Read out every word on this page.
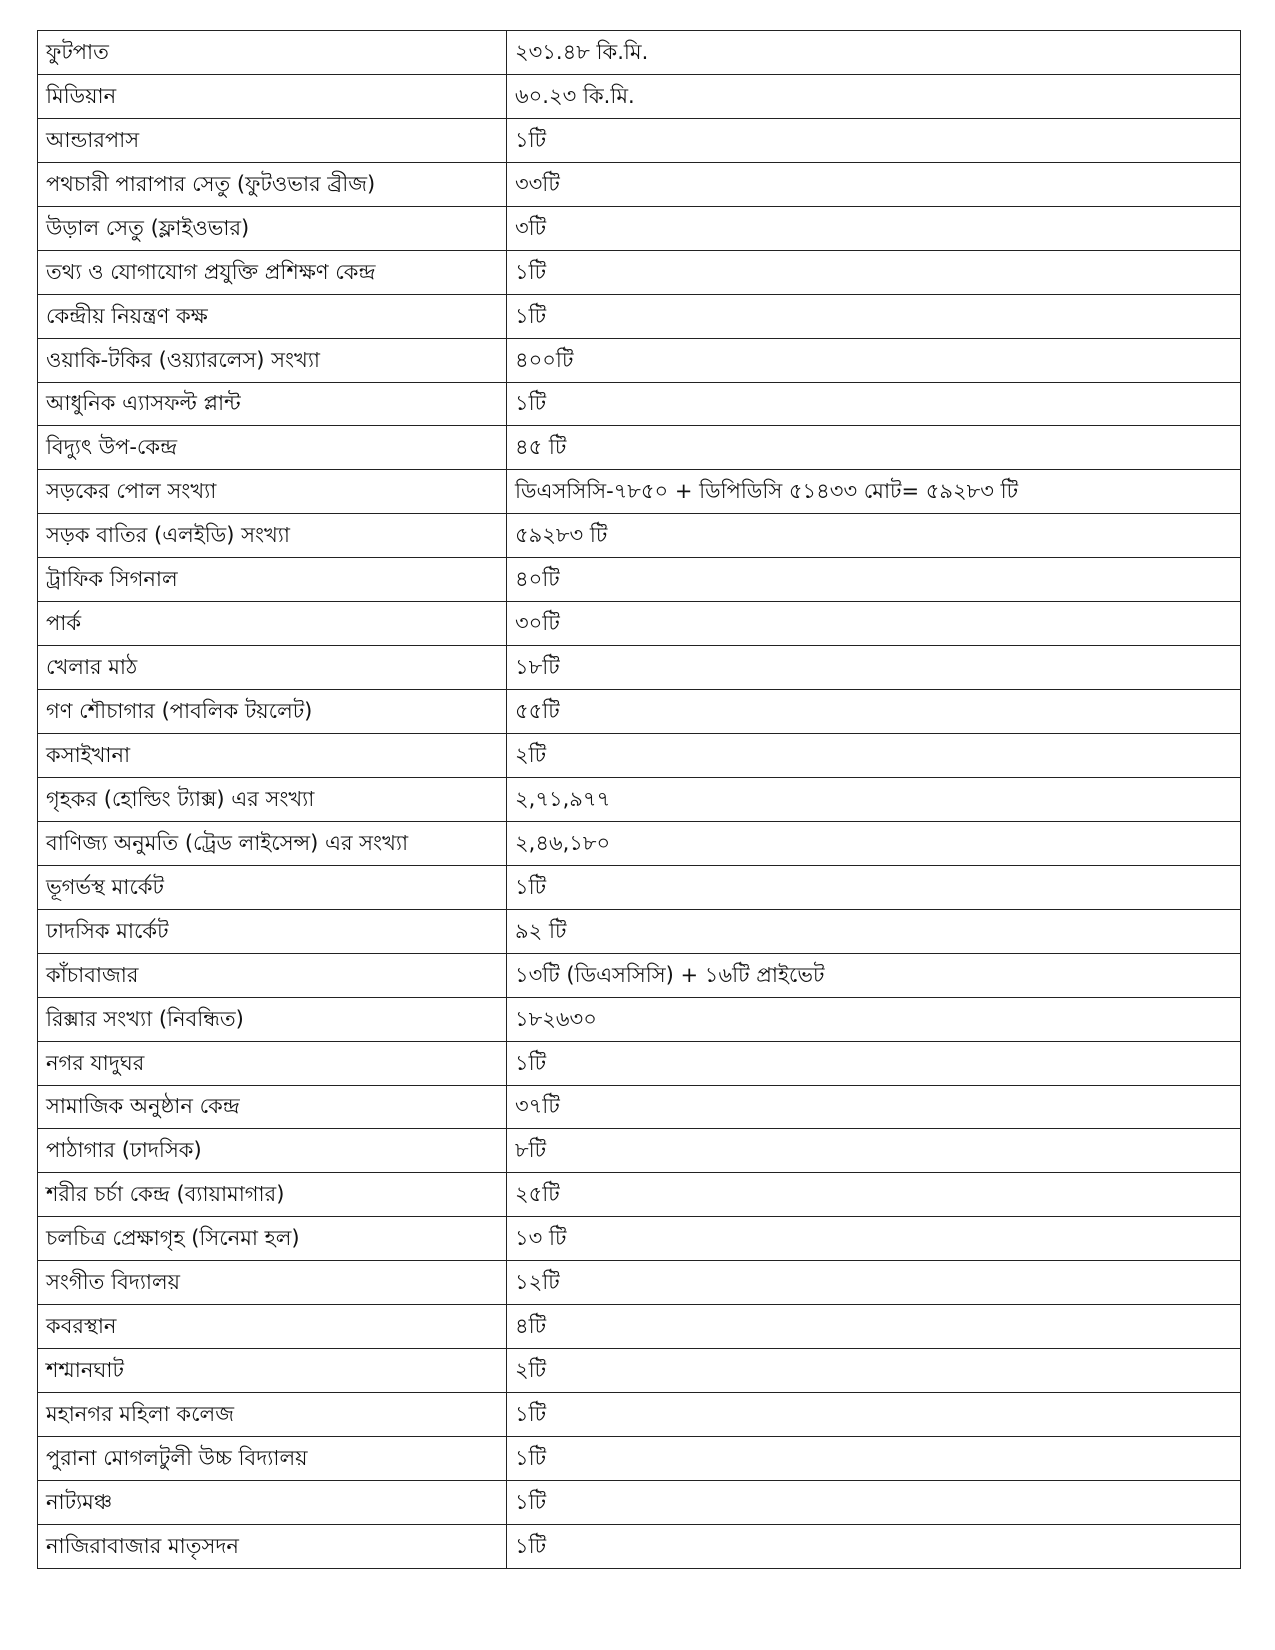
ফুটপাত	২৩১.৪৮ কি.মি.
মিডিয়ান	৬০.২৩ কি.মি.
আন্ডারপাস	১টি
পথচারী পারাপার সেতু (ফুটওভার ব্রীজ)	৩৩টি
উড়াল সেতু (ফ্লাইওভার)	৩টি
তথ্য ও যোগাযোগ প্রযুক্তি প্রশিক্ষণ কেন্দ্র	১টি
কেন্দ্রীয় নিয়ন্ত্রণ কক্ষ	১টি
ওয়াকি-টকির (ওয়্যারলেস) সংখ্যা	৪০০টি
আধুনিক এ্যাসফল্ট প্লান্ট	১টি
বিদ্যুৎ উপ-কেন্দ্র	৪৫ টি
সড়কের পোল সংখ্যা	ডিএসসিসি-৭৮৫০ + ডিপিডিসি ৫১৪৩৩ মোট= ৫৯২৮৩ টি
সড়ক বাতির (এলইডি) সংখ্যা	৫৯২৮৩ টি
ট্রাফিক সিগনাল	৪০টি
পার্ক	৩০টি
খেলার মাঠ	১৮টি
গণ শৌচাগার (পাবলিক টয়লেট)	৫৫টি
কসাইখানা	২টি
গৃহকর (হোল্ডিং ট্যাক্স) এর সংখ্যা	২,৭১,৯৭৭
বাণিজ্য অনুমতি (ট্রেড লাইসেন্স) এর সংখ্যা	২,৪৬,১৮০
ভূগর্ভস্থ মার্কেট	১টি
ঢাদসিক মার্কেট	৯২ টি
কাঁচাবাজার	১৩টি (ডিএসসিসি) + ১৬টি প্রাইভেট
রিক্সার সংখ্যা (নিবন্ধিত)	১৮২৬৩০
নগর যাদুঘর	১টি
সামাজিক অনুষ্ঠান কেন্দ্র	৩৭টি
পাঠাগার (ঢাদসিক)	৮টি
শরীর চর্চা কেন্দ্র (ব্যায়ামাগার)	২৫টি
চলচিত্র প্রেক্ষাগৃহ (সিনেমা হল)	১৩ টি
সংগীত বিদ্যালয়	১২টি
কবরস্থান	৪টি
শশ্মানঘাট	২টি
মহানগর মহিলা কলেজ	১টি
পুরানা মোগলটুলী উচ্চ বিদ্যালয়	১টি
নাট্যমঞ্চ	১টি
নাজিরাবাজার মাতৃসদন	১টি
